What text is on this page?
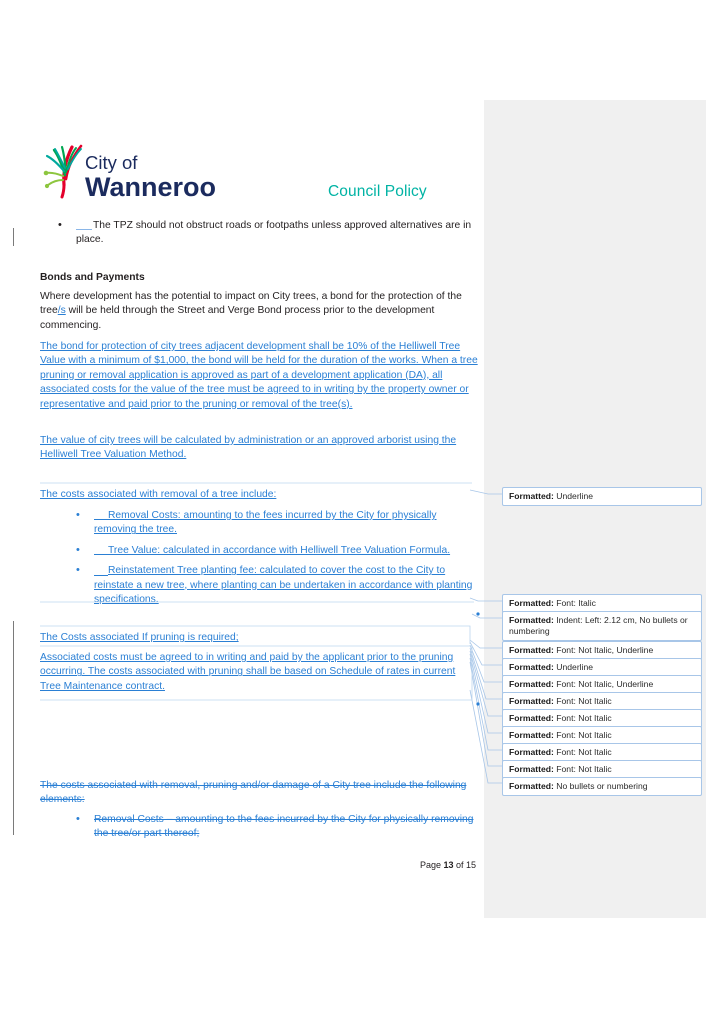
City of
Wanneroo	Council Policy
• The TPZ should not obstruct roads or footpaths unless approved alternatives are in place.
Bonds and Payments
Where development has the potential to impact on City trees, a bond for the protection of the tree/s will be held through the Street and Verge Bond process prior to the development commencing.
The bond for protection of city trees adjacent development shall be 10% of the Helliwell Tree Value with a minimum of $1,000, the bond will be held for the duration of the works. When a tree pruning or removal application is approved as part of a development application (DA), all associated costs for the value of the tree must be agreed to in writing by the property owner or representative and paid prior to the pruning or removal of the tree(s).
The value of city trees will be calculated by administration or an approved arborist using the Helliwell Tree Valuation Method.
The costs associated with removal of a tree include:
• Removal Costs: amounting to the fees incurred by the City for physically removing the tree.
• Tree Value: calculated in accordance with Helliwell Tree Valuation Formula.
• Reinstatement Tree planting fee: calculated to cover the cost to the City to reinstate a new tree, where planting can be undertaken in accordance with planting specifications.
The Costs associated If pruning is required;
Associated costs must be agreed to in writing and paid by the applicant prior to the pruning occurring. The costs associated with pruning shall be based on Schedule of rates in current Tree Maintenance contract.
The costs associated with removal, pruning and/or damage of a City tree include the following elements:
• Removal Costs – amounting to the fees incurred by the City for physically removing the tree/or part thereof;
Formatted: Underline
Formatted: Font: Italic
Formatted: Indent: Left: 2.12 cm, No bullets or numbering
Formatted: Font: Not Italic, Underline
Formatted: Underline
Formatted: Font: Not Italic, Underline
Formatted: Font: Not Italic
Formatted: Font: Not Italic
Formatted: Font: Not Italic
Formatted: Font: Not Italic
Formatted: Font: Not Italic
Formatted: No bullets or numbering
Page 13 of 15
